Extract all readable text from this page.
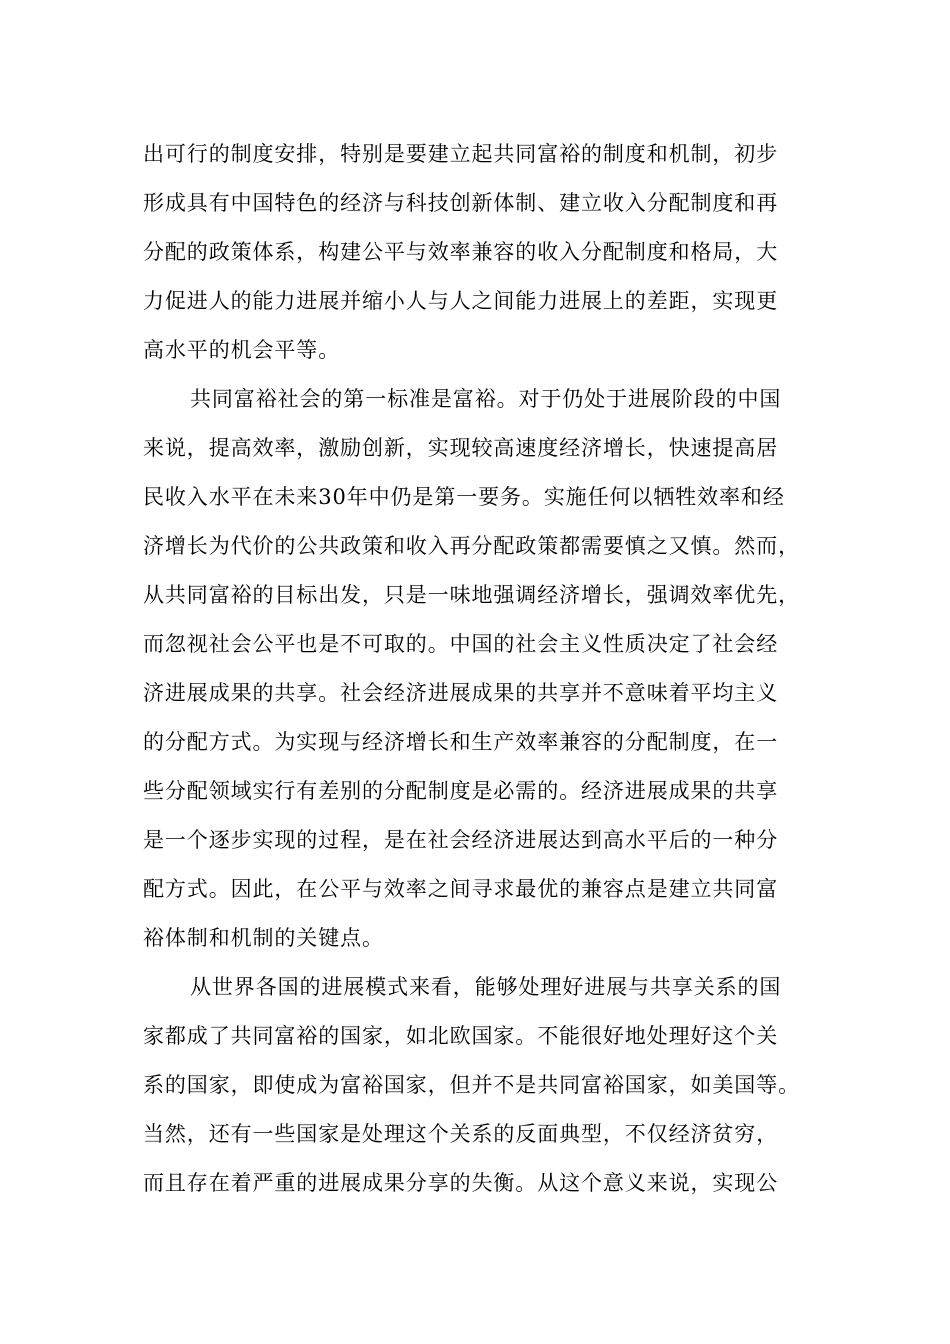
出可行的制度安排，特别是要建立起共同富裕的制度和机制，初步
形成具有中国特色的经济与科技创新体制、建立收入分配制度和再
分配的政策体系，构建公平与效率兼容的收入分配制度和格局，大
力促进人的能力进展并缩小人与人之间能力进展上的差距，实现更
高水平的机会平等。
共同富裕社会的第一标准是富裕。对于仍处于进展阶段的中国
来说，提高效率，激励创新，实现较高速度经济增长，快速提高居
民收入水平在未来30年中仍是第一要务。实施任何以牺牲效率和经
济增长为代价的公共政策和收入再分配政策都需要慎之又慎。然而，
从共同富裕的目标出发，只是一味地强调经济增长，强调效率优先，
而忽视社会公平也是不可取的。中国的社会主义性质决定了社会经
济进展成果的共享。社会经济进展成果的共享并不意味着平均主义
的分配方式。为实现与经济增长和生产效率兼容的分配制度，在一
些分配领域实行有差别的分配制度是必需的。经济进展成果的共享
是一个逐步实现的过程，是在社会经济进展达到高水平后的一种分
配方式。因此，在公平与效率之间寻求最优的兼容点是建立共同富
裕体制和机制的关键点。
从世界各国的进展模式来看，能够处理好进展与共享关系的国
家都成了共同富裕的国家，如北欧国家。不能很好地处理好这个关
系的国家，即使成为富裕国家，但并不是共同富裕国家，如美国等。
当然，还有一些国家是处理这个关系的反面典型，不仅经济贫穷，
而且存在着严重的进展成果分享的失衡。从这个意义来说，实现公
